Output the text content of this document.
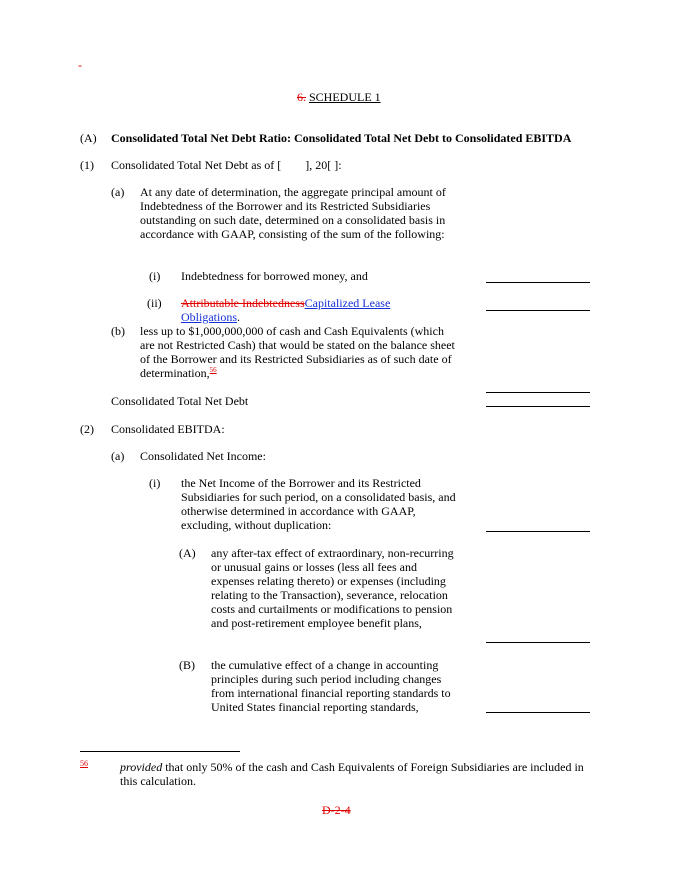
-
6. SCHEDULE 1
(A) Consolidated Total Net Debt Ratio: Consolidated Total Net Debt to Consolidated EBITDA
(1) Consolidated Total Net Debt as of [        ], 20[ ]:
(a) At any date of determination, the aggregate principal amount of Indebtedness of the Borrower and its Restricted Subsidiaries outstanding on such date, determined on a consolidated basis in accordance with GAAP, consisting of the sum of the following:
(i) Indebtedness for borrowed money, and
(ii) Attributable IndebtednessCapitalized Lease Obligations.
(b) less up to $1,000,000,000 of cash and Cash Equivalents (which are not Restricted Cash) that would be stated on the balance sheet of the Borrower and its Restricted Subsidiaries as of such date of determination,$^{56}$
Consolidated Total Net Debt
(2) Consolidated EBITDA:
(a) Consolidated Net Income:
(i) the Net Income of the Borrower and its Restricted Subsidiaries for such period, on a consolidated basis, and otherwise determined in accordance with GAAP, excluding, without duplication:
(A) any after-tax effect of extraordinary, non-recurring or unusual gains or losses (less all fees and expenses relating thereto) or expenses (including relating to the Transaction), severance, relocation costs and curtailments or modifications to pension and post-retirement employee benefit plans,
(B) the cumulative effect of a change in accounting principles during such period including changes from international financial reporting standards to United States financial reporting standards,
$^{56}$	provided that only 50% of the cash and Cash Equivalents of Foreign Subsidiaries are included in this calculation.
D-2-4
